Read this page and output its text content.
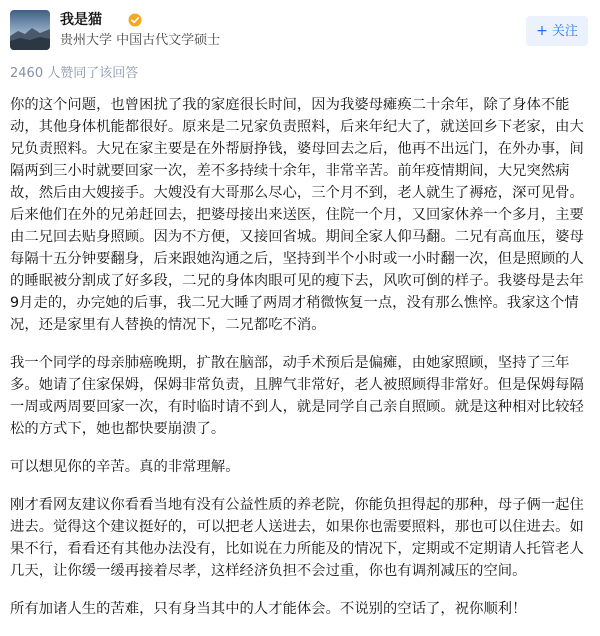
我是猫
贵州大学 中国古代文学硕士
+ 关注
2460 人赞同了该回答

你的这个问题，也曾困扰了我的家庭很长时间，因为我婆母瘫痪二十余年，除了身体不能动，其他身体机能都很好。原来是二兄家负责照料，后来年纪大了，就送回乡下老家，由大兄负责照料。大兄在家主要是在外帮厨挣钱，婆母回去之后，他再不出远门，在外办事，间隔两到三小时就要回家一次，差不多持续十余年，非常辛苦。前年疫情期间，大兄突然病故，然后由大嫂接手。大嫂没有大哥那么尽心，三个月不到，老人就生了褥疮，深可见骨。后来他们在外的兄弟赶回去，把婆母接出来送医，住院一个月，又回家休养一个多月，主要由二兄回去贴身照顾。因为不方便，又接回省城。期间全家人仰马翻。二兄有高血压，婆母每隔十五分钟要翻身，后来跟她沟通之后，坚持到半个小时或一小时翻一次，但是照顾的人的睡眠被分割成了好多段，二兄的身体肉眼可见的瘦下去，风吹可倒的样子。我婆母是去年9月走的，办完她的后事，我二兄大睡了两周才稍微恢复一点，没有那么憔悴。我家这个情况，还是家里有人替换的情况下，二兄都吃不消。

我一个同学的母亲肺癌晚期，扩散在脑部，动手术预后是偏瘫，由她家照顾，坚持了三年多。她请了住家保姆，保姆非常负责，且脾气非常好，老人被照顾得非常好。但是保姆每隔一周或两周要回家一次，有时临时请不到人，就是同学自己亲自照顾。就是这种相对比较轻松的方式下，她也都快要崩溃了。

可以想见你的辛苦。真的非常理解。

刚才看网友建议你看看当地有没有公益性质的养老院，你能负担得起的那种，母子俩一起住进去。觉得这个建议挺好的，可以把老人送进去，如果你也需要照料，那也可以住进去。如果不行，看看还有其他办法没有，比如说在力所能及的情况下，定期或不定期请人托管老人几天，让你缓一缓再接着尽孝，这样经济负担不会过重，你也有调剂减压的空间。

所有加诸人生的苦难，只有身当其中的人才能体会。不说别的空话了，祝你顺利！
